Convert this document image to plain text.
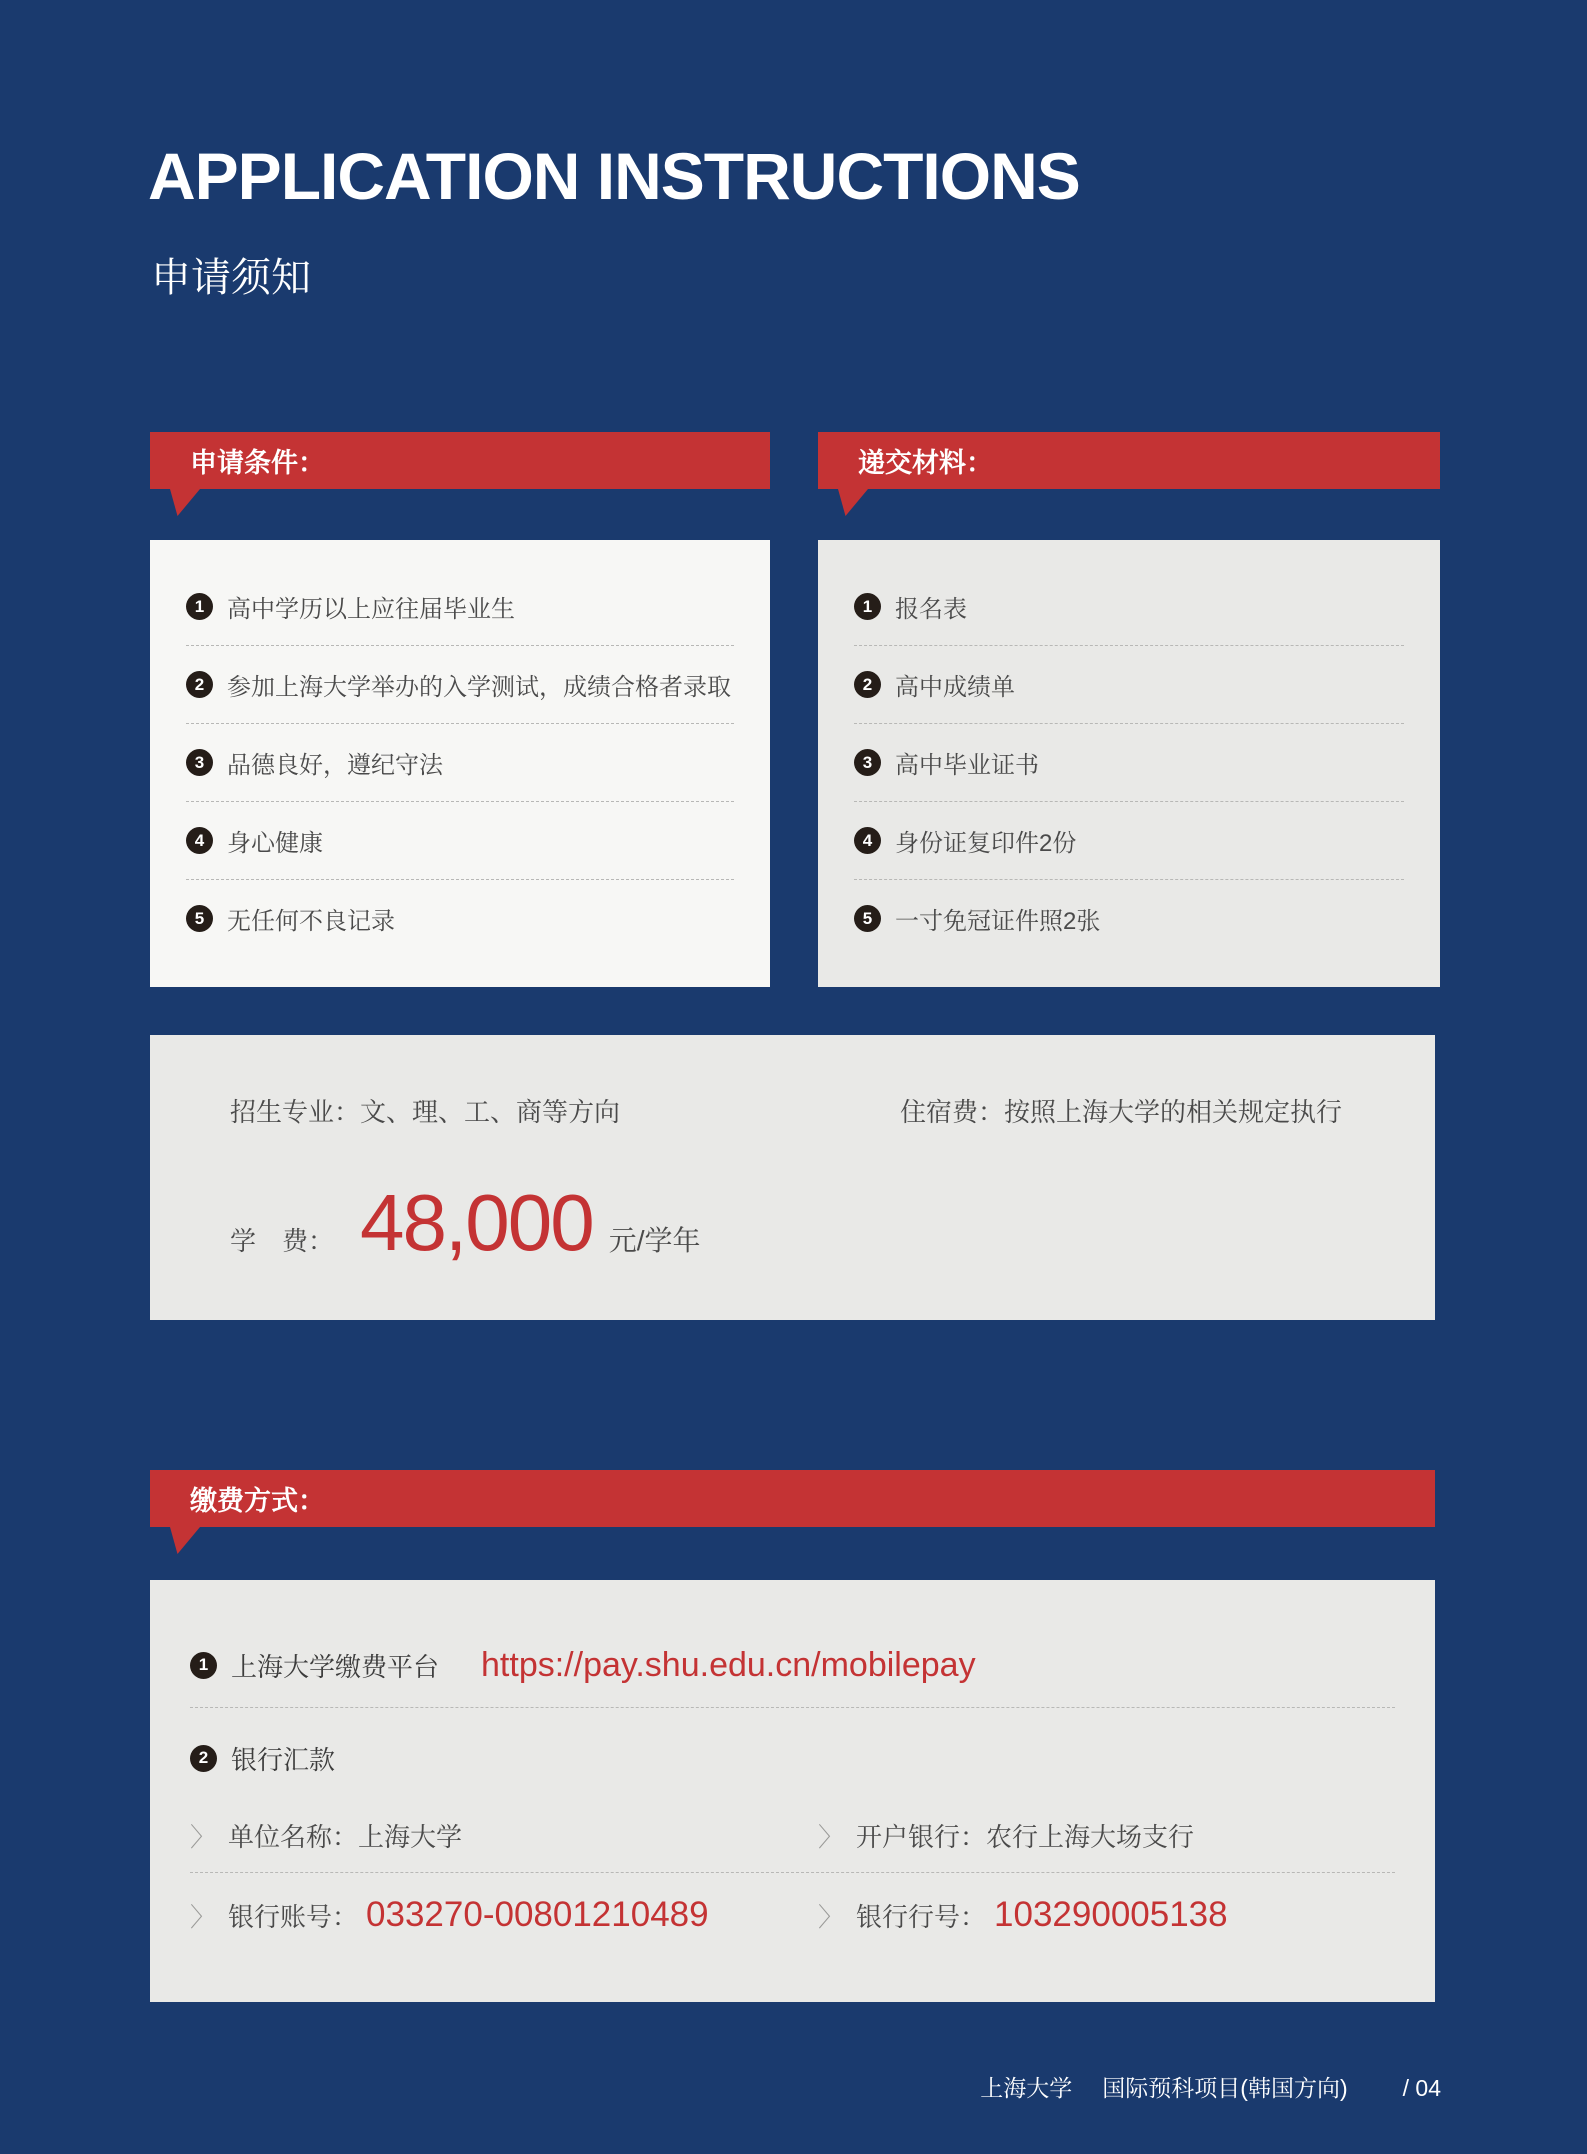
APPLICATION INSTRUCTIONS
申请须知
申请条件：	递交材料：
1 高中学历以上应往届毕业生
2 参加上海大学举办的入学测试，成绩合格者录取
3 品德良好，遵纪守法
4 身心健康
5 无任何不良记录
1 报名表
2 高中成绩单
3 高中毕业证书
4 身份证复印件2份
5 一寸免冠证件照2张
招生专业：文、理、工、商等方向	住宿费：按照上海大学的相关规定执行
学　费： 48,000 元/学年
缴费方式：
1 上海大学缴费平台 https://pay.shu.edu.cn/mobilepay
2 银行汇款
〉 单位名称： 上海大学	〉 开户银行： 农行上海大场支行
〉 银行账号： 033270-00801210489	〉 银行行号： 103290005138
上海大学 国际预科项目(韩国方向) / 04
